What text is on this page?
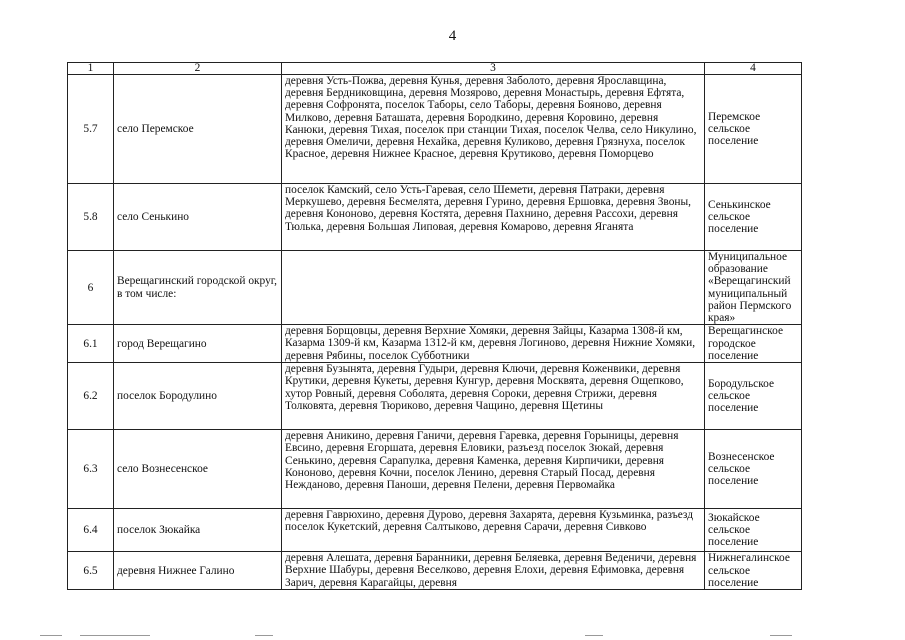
4
1	2	3	4
5.7	село Перемское	деревня Усть-Пожва, деревня Кунья, деревня Заболото, деревня Ярославщина, деревня Бердниковщина, деревня Мозярово, деревня Монастырь, деревня Ефтята, деревня Софронята, поселок Таборы, село Таборы, деревня Бояново, деревня Милково, деревня Баташата, деревня Бородкино, деревня Коровино, деревня Канюки, деревня Тихая, поселок при станции Тихая, поселок Челва, село Никулино, деревня Омеличи, деревня Нехайка, деревня Куликово, деревня Грязнуха, поселок Красное, деревня Нижнее Красное, деревня Крутиково, деревня Поморцево	Перемское сельское поселение
5.8	село Сенькино	поселок Камский, село Усть-Гаревая, село Шемети, деревня Патраки, деревня Меркушево, деревня Бесмелята, деревня Гурино, деревня Ершовка, деревня Звоны, деревня Кононово, деревня Костята, деревня Пахнино, деревня Рассохи, деревня Тюлька, деревня Большая Липовая, деревня Комарово, деревня Яганята	Сенькинское сельское поселение
6	Верещагинский городской округ, в том числе:		Муниципальное образование «Верещагинский муниципальный район Пермского края»
6.1	город Верещагино	деревня Борщовцы, деревня Верхние Хомяки, деревня Зайцы, Казарма 1308-й км, Казарма 1309-й км, Казарма 1312-й км, деревня Логиново, деревня Нижние Хомяки, деревня Рябины, поселок Субботники	Верещагинское городское поселение
6.2	поселок Бородулино	деревня Бузынята, деревня Гудыри, деревня Ключи, деревня Коженвики, деревня Крутики, деревня Кукеты, деревня Кунгур, деревня Москвята, деревня Ощепково, хутор Ровный, деревня Соболята, деревня Сороки, деревня Стрижи, деревня Толковята, деревня Тюриково, деревня Чащино, деревня Щетины	Бородульское сельское поселение
6.3	село Вознесенское	деревня Аникино, деревня Ганичи, деревня Гаревка, деревня Горыницы, деревня Евсино, деревня Егоршата, деревня Еловики, разъезд поселок Зюкай, деревня Сенькино, деревня Сарапулка, деревня Каменка, деревня Кирпичики, деревня Кононово, деревня Кочни, поселок Ленино, деревня Старый Посад, деревня Нежданово, деревня Паноши, деревня Пелени, деревня Первомайка	Вознесенское сельское поселение
6.4	поселок Зюкайка	деревня Гаврюхино, деревня Дурово, деревня Захарята, деревня Кузьминка, разъезд поселок Кукетский, деревня Салтыково, деревня Сарачи, деревня Сивково	Зюкайское сельское поселение
6.5	деревня Нижнее Галино	деревня Алешата, деревня Баранники, деревня Беляевка, деревня Веденичи, деревня Верхние Шабуры, деревня Веселково, деревня Елохи, деревня Ефимовка, деревня Зарич, деревня Карагайцы, деревня	Нижнегалинское сельское поселение
